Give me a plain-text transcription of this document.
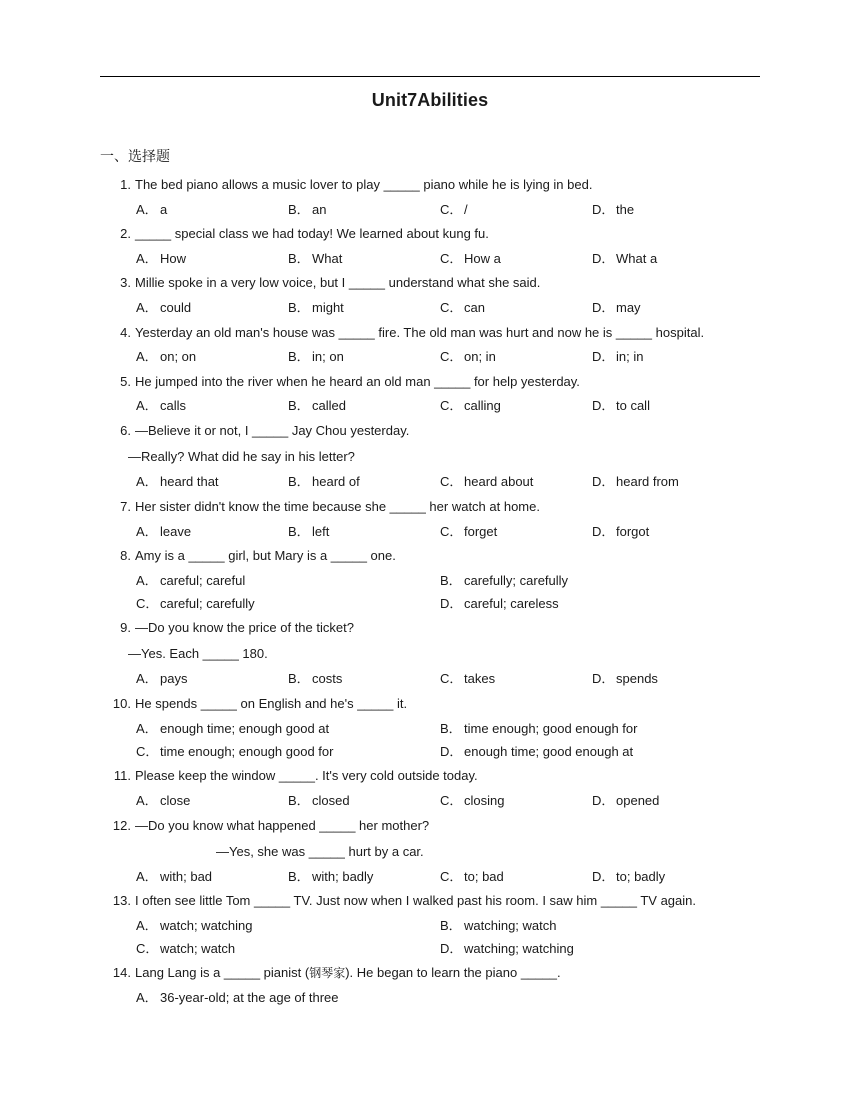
Unit7Abilities
一、选择题
1. The bed piano allows a music lover to play _____ piano while he is lying in bed.
A． a	B． an	C． /	D． the
2. _____ special class we had today! We learned about kung fu.
A． How	B． What	C． How a	D． What a
3. Millie spoke in a very low voice, but I _____ understand what she said.
A． could	B． might	C． can	D． may
4. Yesterday an old man's house was _____ fire. The old man was hurt and now he is _____ hospital.
A． on; on	B． in; on	C． on; in	D． in; in
5. He jumped into the river when he heard an old man _____ for help yesterday.
A． calls	B． called	C． calling	D． to call
6. —Believe it or not, I _____ Jay Chou yesterday.
—Really? What did he say in his letter?
A． heard that	B． heard of	C． heard about	D． heard from
7. Her sister didn't know the time because she _____ her watch at home.
A． leave	B． left	C． forget	D． forgot
8. Amy is a _____ girl, but Mary is a _____ one.
A． careful; careful	B． carefully; carefully
C． careful; carefully	D． careful; careless
9. —Do you know the price of the ticket?
—Yes. Each _____ 180.
A． pays	B． costs	C． takes	D． spends
10. He spends _____ on English and he's _____ it.
A． enough time; enough good at	B． time enough; good enough for
C． time enough; enough good for	D． enough time; good enough at
11. Please keep the window _____. It's very cold outside today.
A． close	B． closed	C． closing	D． opened
12. —Do you know what happened _____ her mother?
—Yes, she was _____ hurt by a car.
A． with; bad	B． with; badly	C． to; bad	D． to; badly
13. I often see little Tom _____ TV. Just now when I walked past his room. I saw him _____ TV again.
A． watch; watching	B． watching; watch
C． watch; watch	D． watching; watching
14. Lang Lang is a _____ pianist (钢琴家). He began to learn the piano _____.
A． 36-year-old; at the age of three
